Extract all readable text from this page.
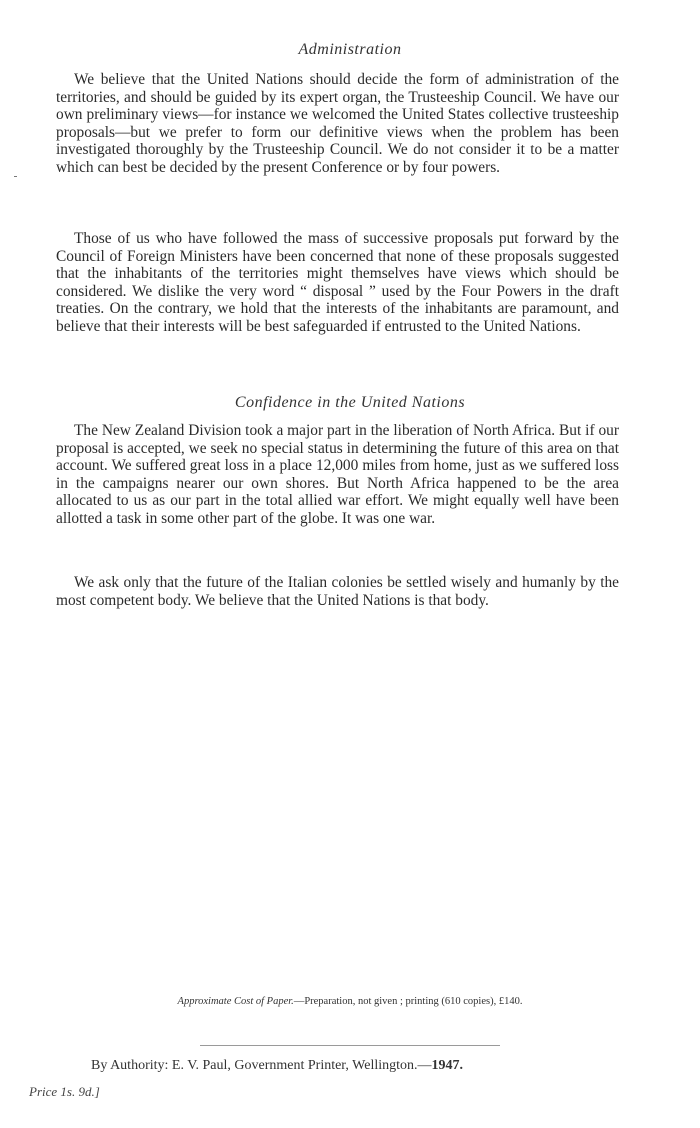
Administration

We believe that the United Nations should decide the form of administration of the territories, and should be guided by its expert organ, the Trusteeship Council. We have our own preliminary views—for instance we welcomed the United States collective trusteeship proposals—but we prefer to form our definitive views when the problem has been investigated thoroughly by the Trusteeship Council. We do not consider it to be a matter which can best be decided by the present Conference or by four powers.

Those of us who have followed the mass of successive proposals put forward by the Council of Foreign Ministers have been concerned that none of these proposals suggested that the inhabitants of the territories might themselves have views which should be considered. We dislike the very word “ disposal ” used by the Four Powers in the draft treaties. On the contrary, we hold that the interests of the inhabitants are paramount, and believe that their interests will be best safeguarded if entrusted to the United Nations.

Confidence in the United Nations

The New Zealand Division took a major part in the liberation of North Africa. But if our proposal is accepted, we seek no special status in determining the future of this area on that account. We suffered great loss in a place 12,000 miles from home, just as we suffered loss in the campaigns nearer our own shores. But North Africa happened to be the area allocated to us as our part in the total allied war effort. We might equally well have been allotted a task in some other part of the globe. It was one war.

We ask only that the future of the Italian colonies be settled wisely and humanly by the most competent body. We believe that the United Nations is that body.

Approximate Cost of Paper.—Preparation, not given ; printing (610 copies), £140.
By Authority: E. V. Paul, Government Printer, Wellington.—1947.
Price 1s. 9d.]
